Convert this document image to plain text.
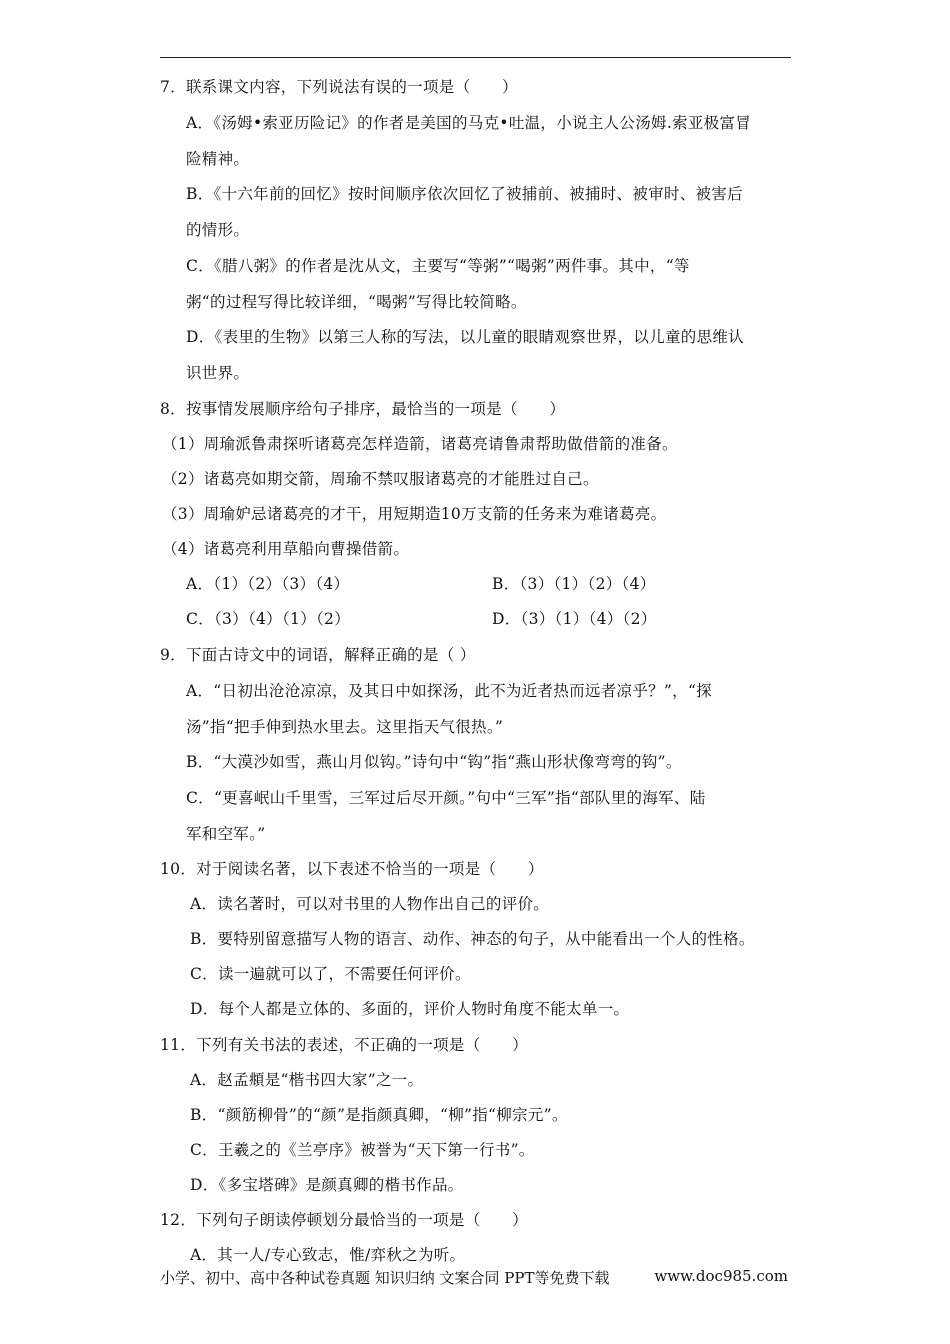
7．联系课文内容，下列说法有误的一项是（　　）
A．《汤姆•索亚历险记》的作者是美国的马克•吐温，小说主人公汤姆.索亚极富冒
险精神。
B．《十六年前的回忆》按时间顺序依次回忆了被捕前、被捕时、被审时、被害后
的情形。
C．《腊八粥》的作者是沈从文，主要写“等粥”“喝粥”两件事。其中，“等
粥“的过程写得比较详细，“喝粥”写得比较简略。
D．《表里的生物》以第三人称的写法，以儿童的眼睛观察世界，以儿童的思维认
识世界。
8．按事情发展顺序给句子排序，最恰当的一项是（　　）
（1）周瑜派鲁肃探听诸葛亮怎样造箭，诸葛亮请鲁肃帮助做借箭的准备。
（2）诸葛亮如期交箭，周瑜不禁叹服诸葛亮的才能胜过自己。
（3）周瑜妒忌诸葛亮的才干，用短期造10万支箭的任务来为难诸葛亮。
（4）诸葛亮利用草船向曹操借箭。
A．（1）（2）（3）（4）	B．（3）（1）（2）（4）
C．（3）（4）（1）（2）	D．（3）（1）（4）（2）
9．下面古诗文中的词语，解释正确的是（ ）
A．“日初出沧沧凉凉，及其日中如探汤，此不为近者热而远者凉乎？”，“探
汤”指“把手伸到热水里去。这里指天气很热。”
B．“大漠沙如雪，燕山月似钩。”诗句中“钩”指“燕山形状像弯弯的钩”。
C．“更喜岷山千里雪，三军过后尽开颜。”句中“三军”指“部队里的海军、陆
军和空军。”
10．对于阅读名著，以下表述不恰当的一项是（　　）
A．读名著时，可以对书里的人物作出自己的评价。
B．要特别留意描写人物的语言、动作、神态的句子，从中能看出一个人的性格。
C．读一遍就可以了，不需要任何评价。
D．每个人都是立体的、多面的，评价人物时角度不能太单一。
11．下列有关书法的表述，不正确的一项是（　　）
A．赵孟頫是“楷书四大家”之一。
B．“颜筋柳骨”的“颜”是指颜真卿，“柳”指“柳宗元”。
C．王羲之的《兰亭序》被誉为“天下第一行书”。
D．《多宝塔碑》是颜真卿的楷书作品。
12．下列句子朗读停顿划分最恰当的一项是（　　）
A．其一人/专心致志，惟/弈秋之为听。
小学、初中、高中各种试卷真题 知识归纳 文案合同 PPT等免费下载	www.doc985.com
